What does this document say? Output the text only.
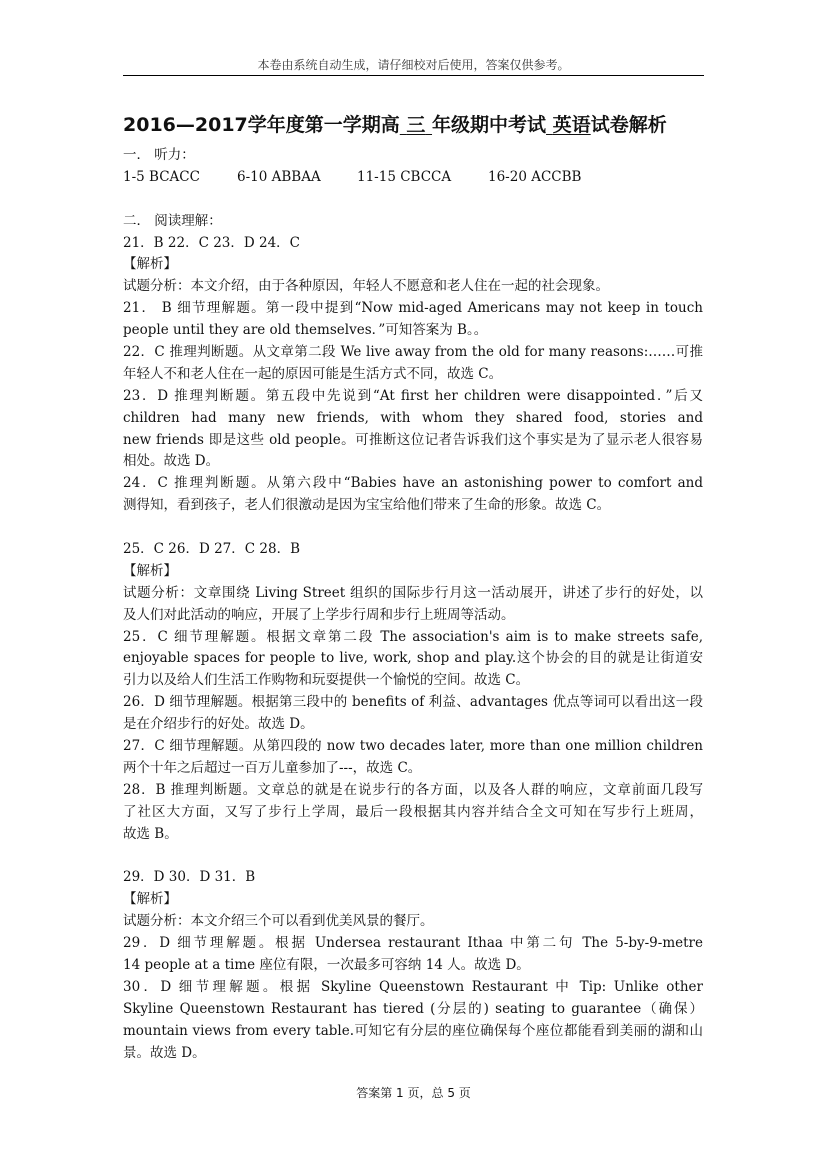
本卷由系统自动生成，请仔细校对后使用，答案仅供参考。
2016—2017学年度第一学期高 三 年级期中考试 英语试卷解析
一． 听力：
1-5 BCACC	6-10 ABBAA	11-15 CBCCA	16-20 ACCBB
二． 阅读理解：
21．B 22．C 23．D 24．C
【解析】
试题分析：本文介绍，由于各种原因，年轻人不愿意和老人住在一起的社会现象。
21． B 细节理解题。第一段中提到“Now mid-aged Americans may not keep in touch
people until they are old themselves．”可知答案为 B。。
22．C 推理判断题。从文章第二段 We live away from the old for many reasons:……可推
年轻人不和老人住在一起的原因可能是生活方式不同，故选 C。
23．D 推理判断题。第五段中先说到“At first her children were disappointed．”后又
children had many new friends, with whom they shared food, stories and
new friends 即是这些 old people。可推断这位记者告诉我们这个事实是为了显示老人很容易
相处。故选 D。
24．C 推理判断题。从第六段中“Babies have an astonishing power to comfort and
测得知，看到孩子，老人们很激动是因为宝宝给他们带来了生命的形象。故选 C。
25．C 26．D 27．C 28．B
【解析】
试题分析：文章围绕 Living Street 组织的国际步行月这一活动展开，讲述了步行的好处，以
及人们对此活动的响应，开展了上学步行周和步行上班周等活动。
25．C 细节理解题。根据文章第二段 The association's aim is to make streets safe,
enjoyable spaces for people to live, work, shop and play.这个协会的目的就是让街道安
引力以及给人们生活工作购物和玩耍提供一个愉悦的空间。故选 C。
26．D 细节理解题。根据第三段中的 benefits of 利益、advantages 优点等词可以看出这一段
是在介绍步行的好处。故选 D。
27．C 细节理解题。从第四段的 now two decades later, more than one million children
两个十年之后超过一百万儿童参加了---，故选 C。
28．B 推理判断题。文章总的就是在说步行的各方面，以及各人群的响应，文章前面几段写
了社区大方面，又写了步行上学周，最后一段根据其内容并结合全文可知在写步行上班周，
故选 B。
29．D 30．D 31．B
【解析】
试题分析：本文介绍三个可以看到优美风景的餐厅。
29．D 细节理解题。根据 Undersea restaurant Ithaa 中第二句 The 5-by-9-metre
14 people at a time 座位有限，一次最多可容纳 14 人。故选 D。
30．D 细节理解题。根据 Skyline Queenstown Restaurant 中 Tip: Unlike other
Skyline Queenstown Restaurant has tiered (分层的) seating to guarantee（确保）
mountain views from every table.可知它有分层的座位确保每个座位都能看到美丽的湖和山
景。故选 D。
答案第 1 页，总 5 页
